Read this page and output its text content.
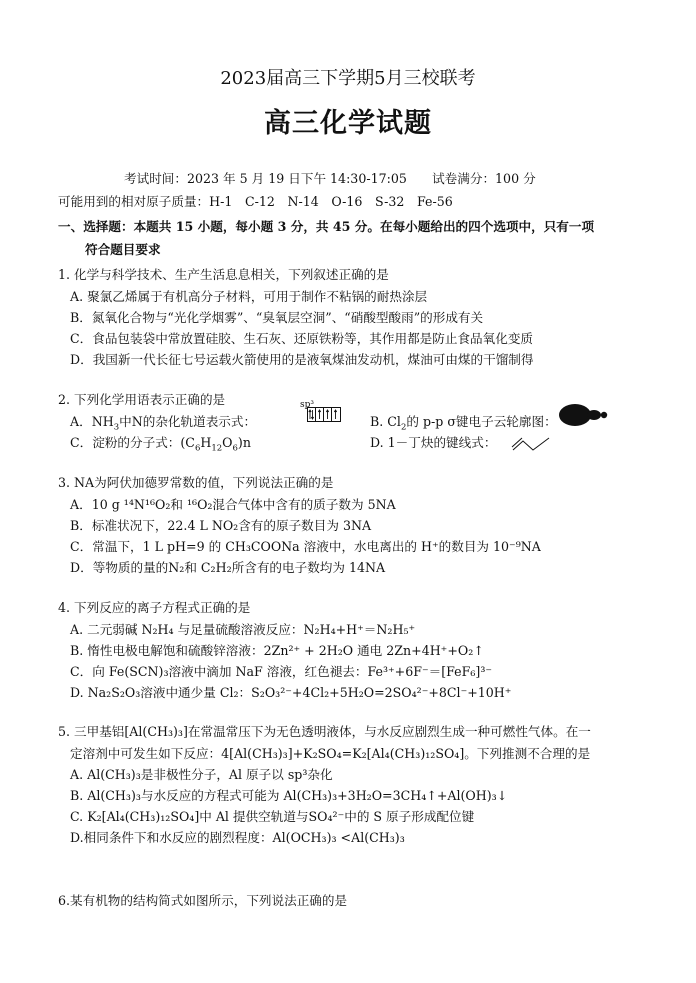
2023届高三下学期5月三校联考
高三化学试题
考试时间：2023 年 5 月 19 日下午 14:30-17:05　　试卷满分：100 分
可能用到的相对原子质量：H-1　C-12　N-14　O-16　S-32　Fe-56
一、选择题：本题共 15 小题，每小题 3 分，共 45 分。在每小题给出的四个选项中，只有一项
符合题目要求
1. 化学与科学技术、生产生活息息相关，下列叙述正确的是
A. 聚氯乙烯属于有机高分子材料，可用于制作不粘锅的耐热涂层
B．氮氧化合物与“光化学烟雾”、“臭氧层空洞”、“硝酸型酸雨”的形成有关
C．食品包装袋中常放置硅胶、生石灰、还原铁粉等，其作用都是防止食品氧化变质
D．我国新一代长征七号运载火箭使用的是液氧煤油发动机，煤油可由煤的干馏制得
2. 下列化学用语表示正确的是
A．$NH_3$中N的杂化轨道表示式：
sp³
B. $Cl_2$的 p-p σ键电子云轮廓图：
C．淀粉的分子式：$(C_6H_{12}O_6)n$	D. 1－丁炔的键线式：
3. NA为阿伏加德罗常数的值，下列说法正确的是
A．10 g ¹⁴N¹⁶O₂和 ¹⁶O₂混合气体中含有的质子数为 5NA
B．标准状况下，22.4 L NO₂含有的原子数目为 3NA
C．常温下，1 L pH=9 的 CH₃COONa 溶液中，水电离出的 H⁺的数目为 10⁻⁹NA
D．等物质的量的N₂和 C₂H₂所含有的电子数均为 14NA
4. 下列反应的离子方程式正确的是
A. 二元弱碱 N₂H₄ 与足量硫酸溶液反应：N₂H₄+H⁺＝N₂H₅⁺
B. 惰性电极电解饱和硫酸锌溶液：2Zn²⁺ + 2H₂O 通电 2Zn+4H⁺+O₂↑
C．向 Fe(SCN)₃溶液中滴加 NaF 溶液，红色褪去：Fe³⁺+6F⁻＝[FeF₆]³⁻
D. Na₂S₂O₃溶液中通少量 Cl₂：S₂O₃²⁻+4Cl₂+5H₂O=2SO₄²⁻+8Cl⁻+10H⁺
5. 三甲基铝[Al(CH₃)₃]在常温常压下为无色透明液体，与水反应剧烈生成一种可燃性气体。在一
定溶剂中可发生如下反应：4[Al(CH₃)₃]+K₂SO₄=K₂[Al₄(CH₃)₁₂SO₄]。下列推测不合理的是
A. Al(CH₃)₃是非极性分子，Al 原子以 sp³杂化
B. Al(CH₃)₃与水反应的方程式可能为 Al(CH₃)₃+3H₂O=3CH₄↑+Al(OH)₃↓
C. K₂[Al₄(CH₃)₁₂SO₄]中 Al 提供空轨道与SO₄²⁻中的 S 原子形成配位键
D.相同条件下和水反应的剧烈程度：Al(OCH₃)₃ <Al(CH₃)₃
6.某有机物的结构简式如图所示，下列说法正确的是
